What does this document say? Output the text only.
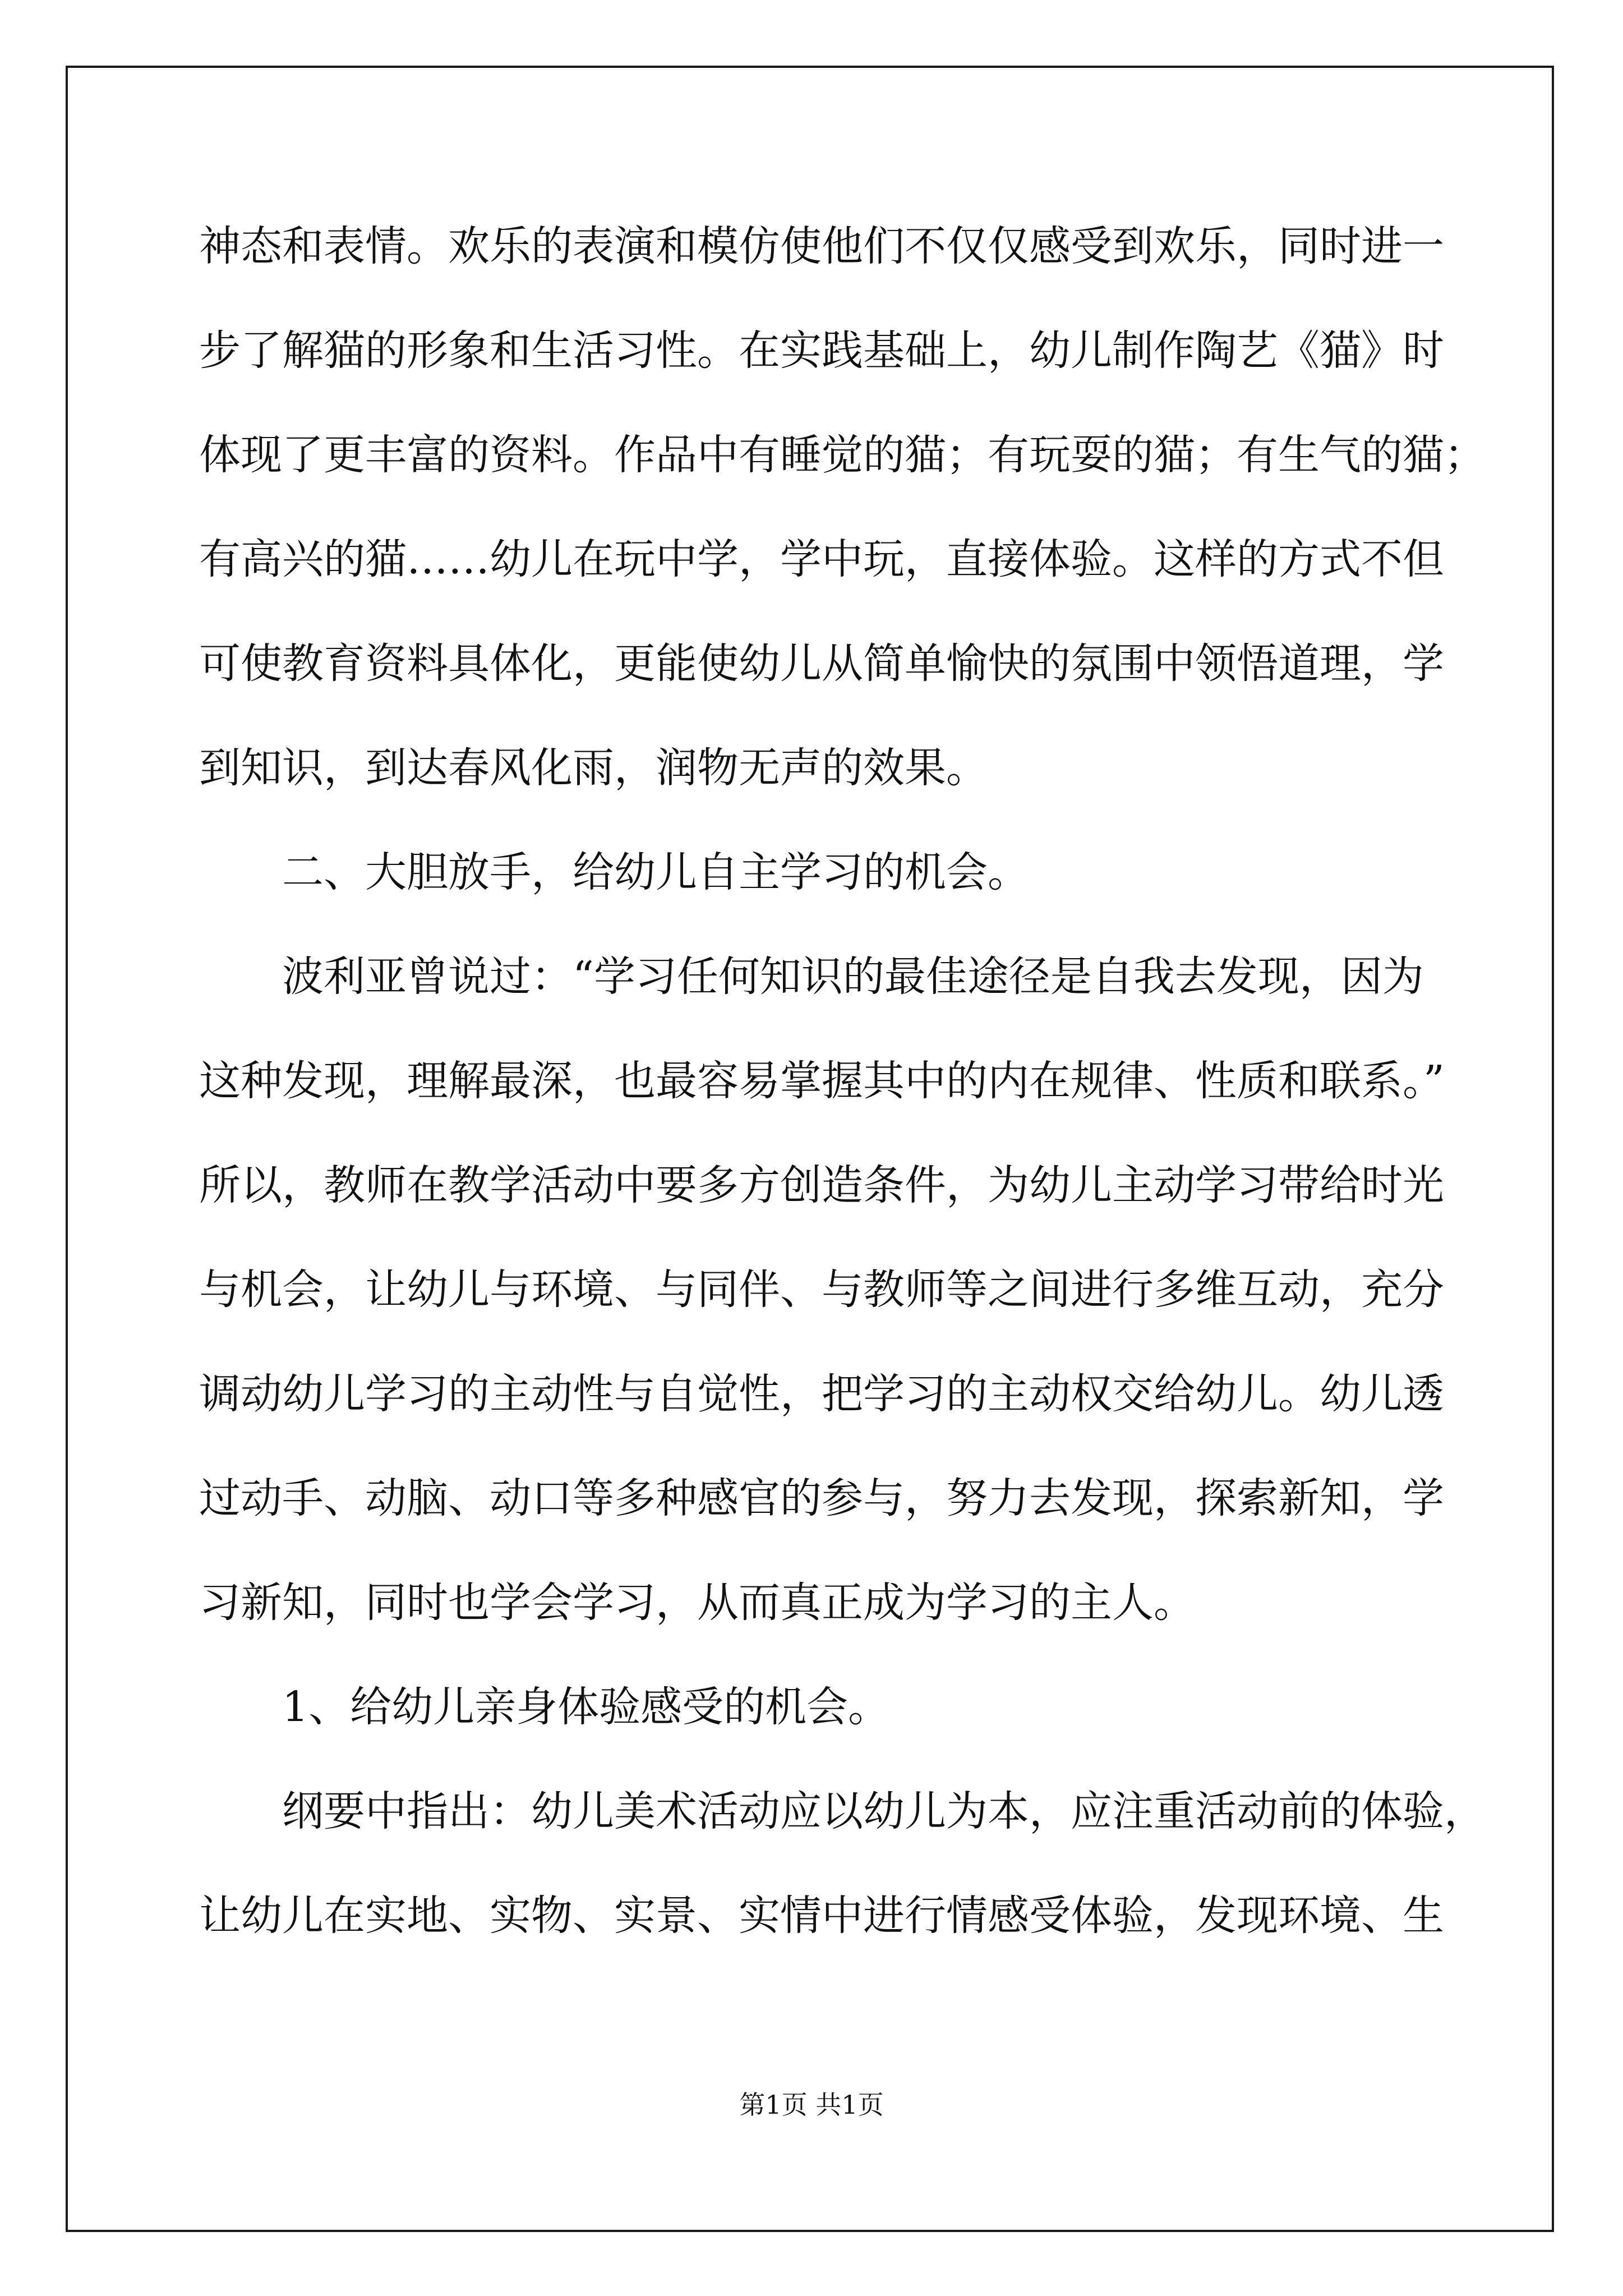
神态和表情。欢乐的表演和模仿使他们不仅仅感受到欢乐，同时进一
步了解猫的形象和生活习性。在实践基础上，幼儿制作陶艺《猫》时
体现了更丰富的资料。作品中有睡觉的猫；有玩耍的猫；有生气的猫；
有高兴的猫……幼儿在玩中学，学中玩，直接体验。这样的方式不但
可使教育资料具体化，更能使幼儿从简单愉快的氛围中领悟道理，学
到知识，到达春风化雨，润物无声的效果。
二、大胆放手，给幼儿自主学习的机会。
波利亚曾说过：“学习任何知识的最佳途径是自我去发现，因为
这种发现，理解最深，也最容易掌握其中的内在规律、性质和联系。”
所以，教师在教学活动中要多方创造条件，为幼儿主动学习带给时光
与机会，让幼儿与环境、与同伴、与教师等之间进行多维互动，充分
调动幼儿学习的主动性与自觉性，把学习的主动权交给幼儿。幼儿透
过动手、动脑、动口等多种感官的参与，努力去发现，探索新知，学
习新知，同时也学会学习，从而真正成为学习的主人。
1、给幼儿亲身体验感受的机会。
纲要中指出：幼儿美术活动应以幼儿为本，应注重活动前的体验，
让幼儿在实地、实物、实景、实情中进行情感受体验，发现环境、生
第1页 共1页
